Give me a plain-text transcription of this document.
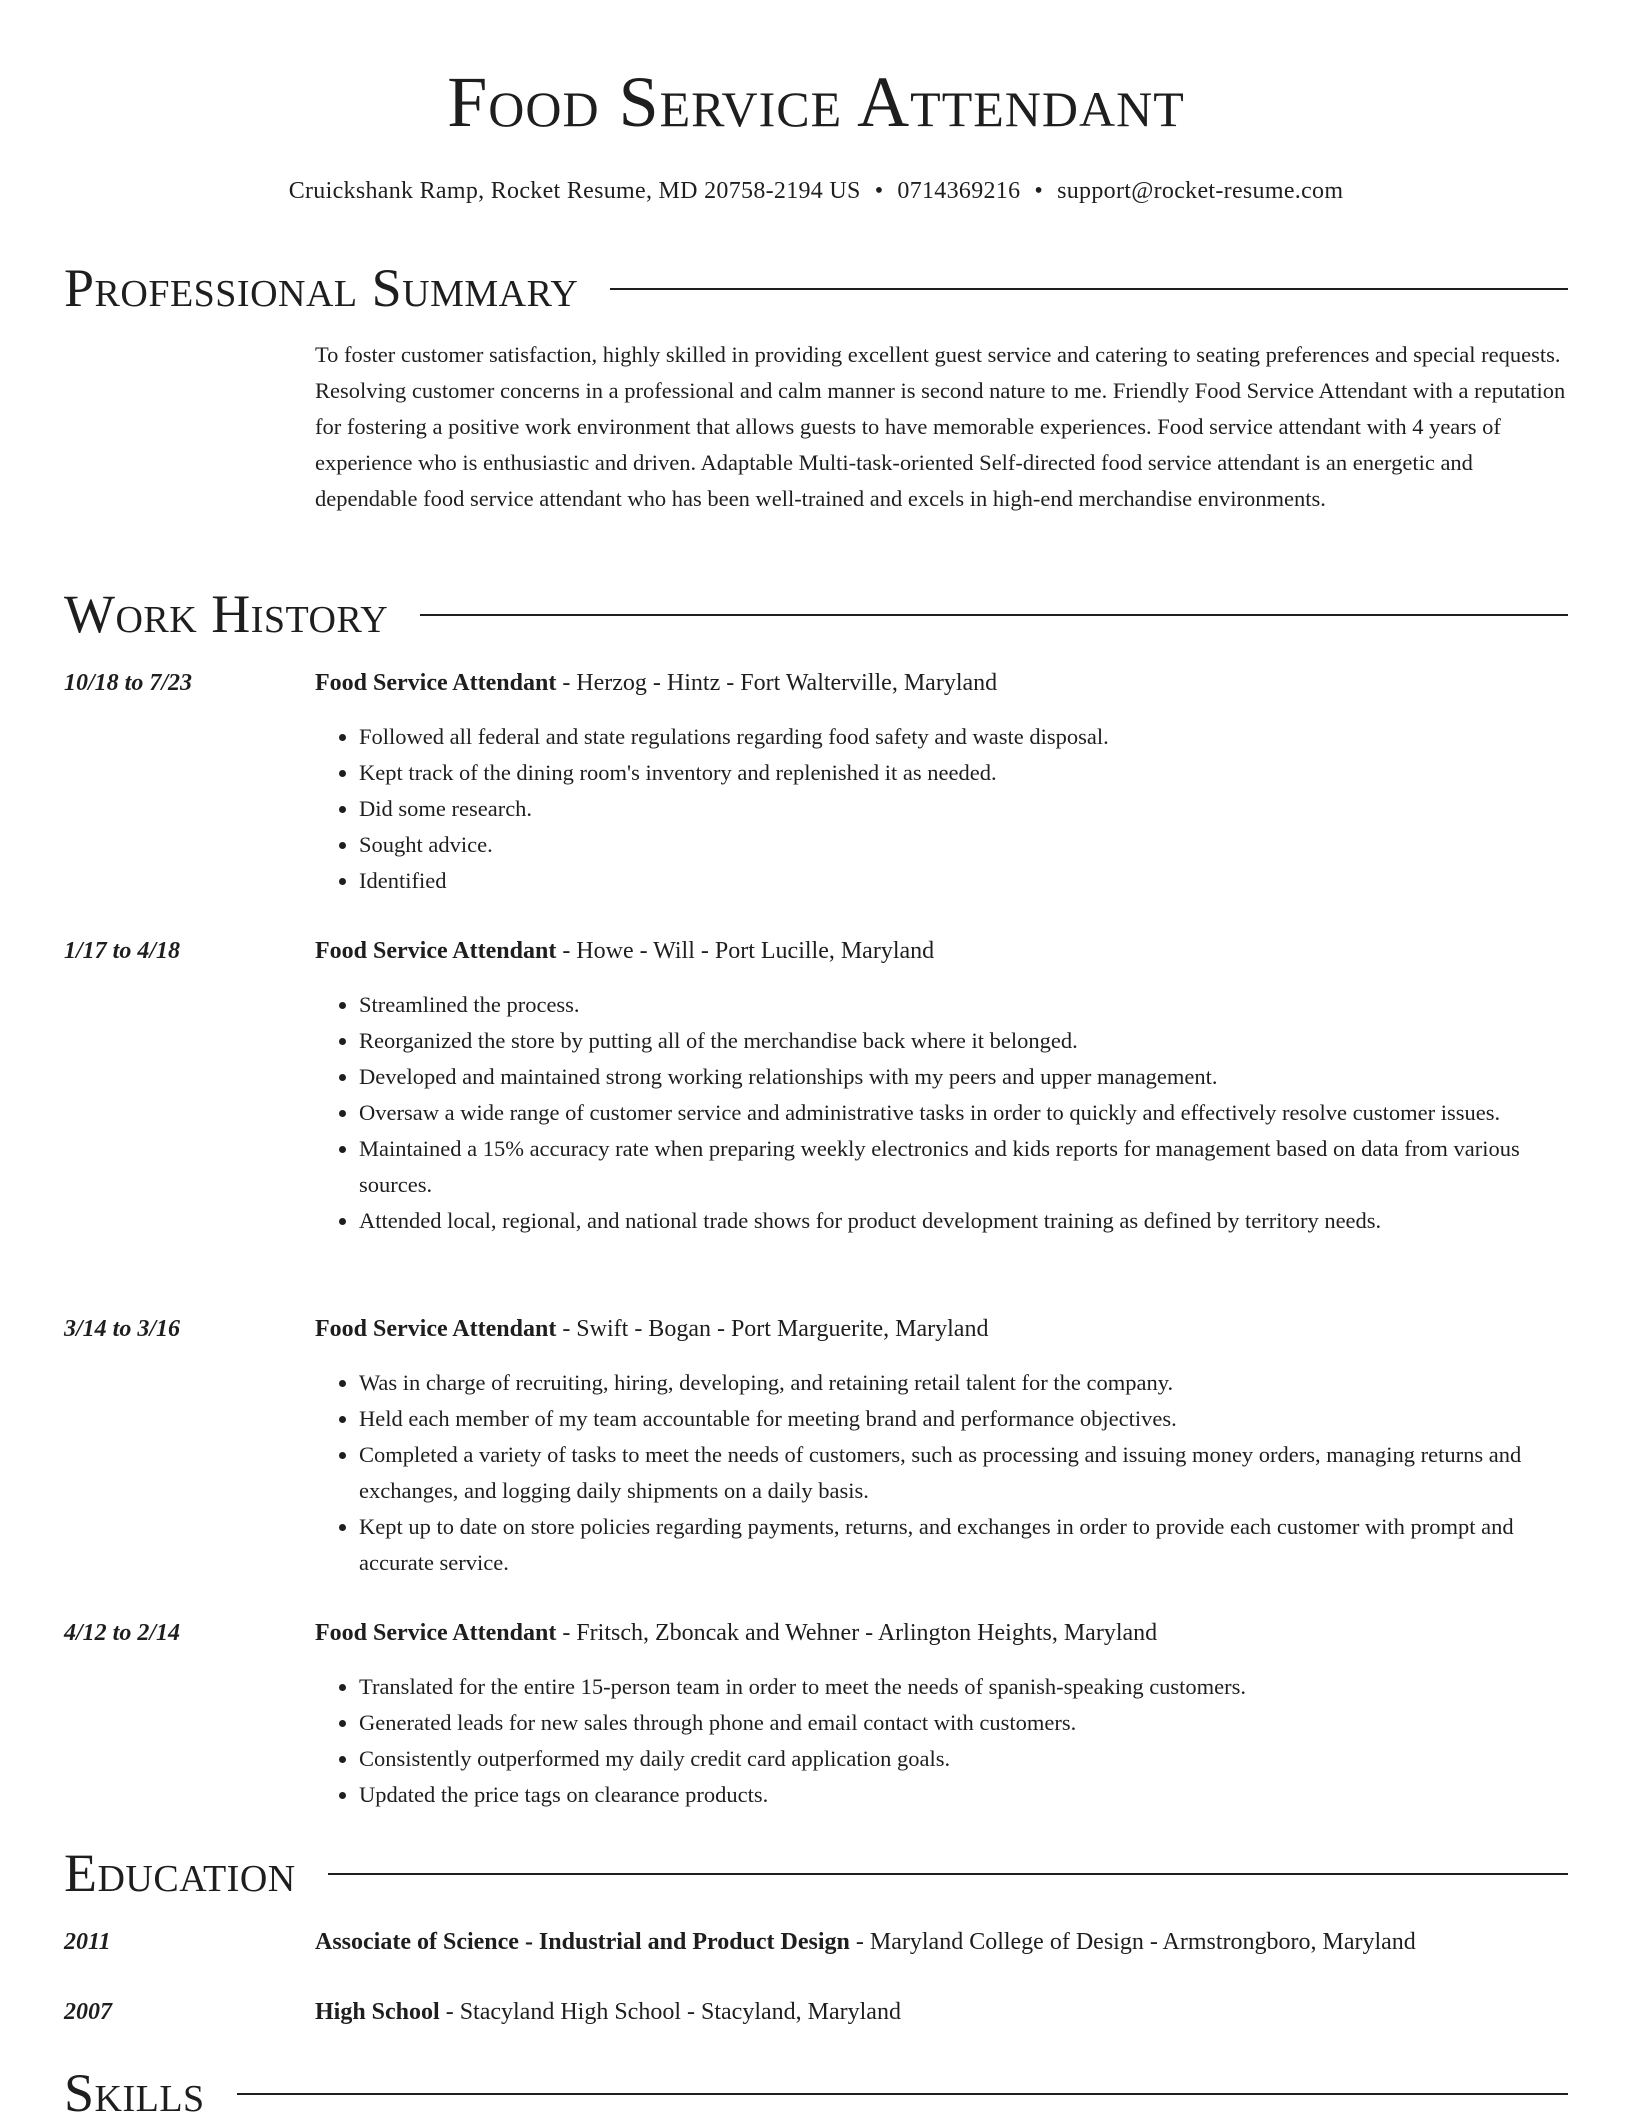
Food Service Attendant
Cruickshank Ramp, Rocket Resume, MD 20758-2194 US • 0714369216 • support@rocket-resume.com
Professional Summary

To foster customer satisfaction, highly skilled in providing excellent guest service and catering to seating preferences and special requests. Resolving customer concerns in a professional and calm manner is second nature to me. Friendly Food Service Attendant with a reputation for fostering a positive work environment that allows guests to have memorable experiences. Food service attendant with 4 years of experience who is enthusiastic and driven. Adaptable Multi-task-oriented Self-directed food service attendant is an energetic and dependable food service attendant who has been well-trained and excels in high-end merchandise environments.

Work History
10/18 to 7/23	Food Service Attendant - Herzog - Hintz - Fort Walterville, Maryland
• Followed all federal and state regulations regarding food safety and waste disposal.
• Kept track of the dining room's inventory and replenished it as needed.
• Did some research.
• Sought advice.
• Identified
1/17 to 4/18	Food Service Attendant - Howe - Will - Port Lucille, Maryland
• Streamlined the process.
• Reorganized the store by putting all of the merchandise back where it belonged.
• Developed and maintained strong working relationships with my peers and upper management.
• Oversaw a wide range of customer service and administrative tasks in order to quickly and effectively resolve customer issues.
• Maintained a 15% accuracy rate when preparing weekly electronics and kids reports for management based on data from various sources.
• Attended local, regional, and national trade shows for product development training as defined by territory needs.
3/14 to 3/16	Food Service Attendant - Swift - Bogan - Port Marguerite, Maryland
• Was in charge of recruiting, hiring, developing, and retaining retail talent for the company.
• Held each member of my team accountable for meeting brand and performance objectives.
• Completed a variety of tasks to meet the needs of customers, such as processing and issuing money orders, managing returns and exchanges, and logging daily shipments on a daily basis.
• Kept up to date on store policies regarding payments, returns, and exchanges in order to provide each customer with prompt and accurate service.
4/12 to 2/14	Food Service Attendant - Fritsch, Zboncak and Wehner - Arlington Heights, Maryland
• Translated for the entire 15-person team in order to meet the needs of spanish-speaking customers.
• Generated leads for new sales through phone and email contact with customers.
• Consistently outperformed my daily credit card application goals.
• Updated the price tags on clearance products.
Education
2011	Associate of Science - Industrial and Product Design - Maryland College of Design - Armstrongboro, Maryland
2007	High School - Stacyland High School - Stacyland, Maryland
Skills
